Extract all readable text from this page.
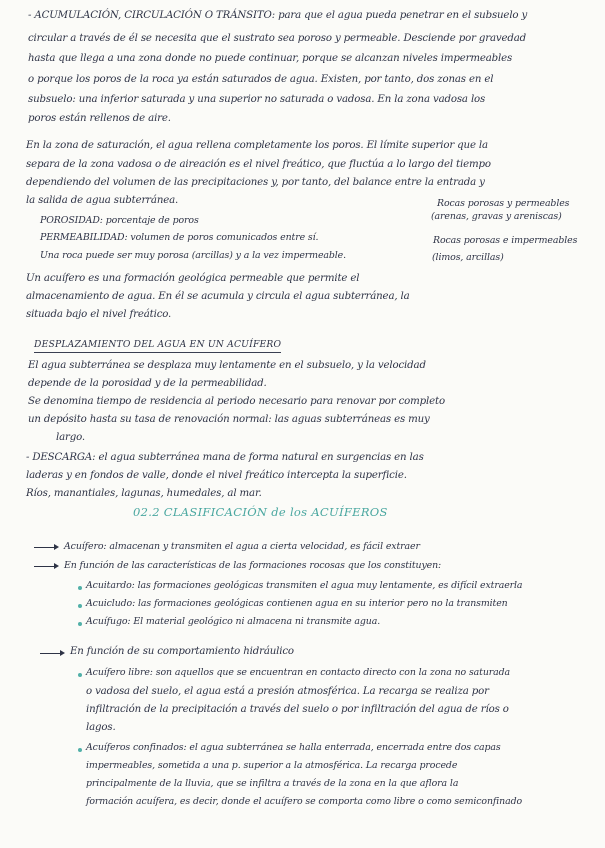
- ACUMULACIÓN, CIRCULACIÓN O TRÁNSITO: para que el agua pueda penetrar en el subsuelo y
circular a través de él se necesita que el sustrato sea poroso y permeable. Desciende por gravedad
hasta que llega a una zona donde no puede continuar, porque se alcanzan niveles impermeables
o porque los poros de la roca ya están saturados de agua. Existen, por tanto, dos zonas en el
subsuelo: una inferior saturada y una superior no saturada o vadosa. En la zona vadosa los
poros están rellenos de aire.
En la zona de saturación, el agua rellena completamente los poros. El límite superior que la
separa de la zona vadosa o de aireación es el nivel freático, que fluctúa a lo largo del tiempo
dependiendo del volumen de las precipitaciones y, por tanto, del balance entre la entrada y
la salida de agua subterránea.
POROSIDAD: porcentaje de poros
PERMEABILIDAD: volumen de poros comunicados entre sí.
Una roca puede ser muy porosa (arcillas) y a la vez impermeable.
Rocas porosas y permeables
(arenas, gravas y areniscas)
Rocas porosas e impermeables
(limos, arcillas)
Un acuífero es una formación geológica permeable que permite el
almacenamiento de agua. En él se acumula y circula el agua subterránea, la
situada bajo el nivel freático.
DESPLAZAMIENTO DEL AGUA EN UN ACUÍFERO
El agua subterránea se desplaza muy lentamente en el subsuelo, y la velocidad
depende de la porosidad y de la permeabilidad.
Se denomina tiempo de residencia al periodo necesario para renovar por completo
un depósito hasta su tasa de renovación normal: las aguas subterráneas es muy
largo.
- DESCARGA: el agua subterránea mana de forma natural en surgencias en las
laderas y en fondos de valle, donde el nivel freático intercepta la superficie.
Ríos, manantiales, lagunas, humedales, al mar.
02.2 CLASIFICACIÓN de los ACUÍFEROS
Acuífero: almacenan y transmiten el agua a cierta velocidad, es fácil extraer
En función de las características de las formaciones rocosas que los constituyen:
Acuitardo: las formaciones geológicas transmiten el agua muy lentamente, es difícil extraerla
Acuicludo: las formaciones geológicas contienen agua en su interior pero no la transmiten
Acuífugo: El material geológico ni almacena ni transmite agua.
En función de su comportamiento hidráulico
Acuífero libre: son aquellos que se encuentran en contacto directo con la zona no saturada
o vadosa del suelo, el agua está a presión atmosférica. La recarga se realiza por
infiltración de la precipitación a través del suelo o por infiltración del agua de ríos o
lagos.
Acuíferos confinados: el agua subterránea se halla enterrada, encerrada entre dos capas
impermeables, sometida a una p. superior a la atmosférica. La recarga procede
principalmente de la lluvia, que se infiltra a través de la zona en la que aflora la
formación acuífera, es decir, donde el acuífero se comporta como libre o como semiconfinado
